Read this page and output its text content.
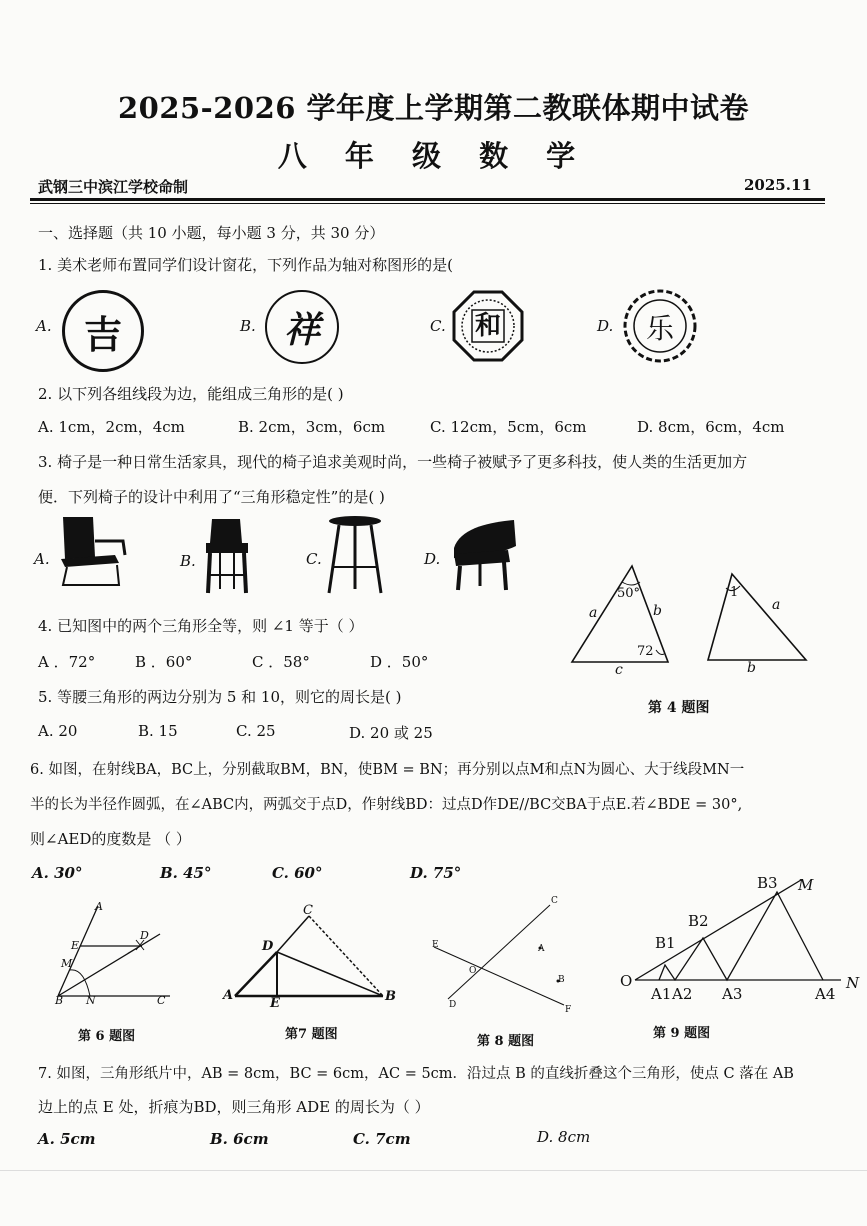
2025-2026 学年度上学期第二教联体期中试卷
八 年 级 数 学
武钢三中滨江学校命制	2025.11
一、选择题（共 10 小题，每小题 3 分，共 30 分）
1. 美术老师布置同学们设计窗花，下列作品为轴对称图形的是(
A. 吉	B. 祥	C.	和	D.	乐
2. 以下列各组线段为边，能组成三角形的是( )
A. 1cm，2cm，4cm	B. 2cm，3cm，6cm	C. 12cm，5cm，6cm	D. 8cm，6cm，4cm
3. 椅子是一种日常生活家具，现代的椅子追求美观时尚，一些椅子被赋予了更多科技，使人类的生活更加方
便．下列椅子的设计中利用了“三角形稳定性”的是( )
A.	B.	C.	D.
a	b
c
50°
72
1
a
b
第 4 题图
4. 已知图中的两个三角形全等，则 ∠1 等于（ ）
A ．72°	B ．60°	C ．58°	D ．50°
5. 等腰三角形的两边分别为 5 和 10，则它的周长是( )
A. 20	B. 15	C. 25	D. 20 或 25
6. 如图，在射线BA，BC上，分别截取BM，BN，使BM = BN；再分别以点M和点N为圆心、大于线段MN一
半的长为半径作圆弧，在∠ABC内，两弧交于点D，作射线BD：过点D作DE//BC交BA于点E.若∠BDE = 30°,
则∠AED的度数是 （ ）
A. 30°	B. 45°	C. 60°	D. 75°
A
E
D
M
B N	C
第 6 题图
C
D
A
E	B
第7 题图
C
E	A
O
B
D	F
第 8 题图
B3 M
B2
B1
O
A1 A2 A3	A4
N
第 9 题图
7. 如图，三角形纸片中，AB = 8cm，BC = 6cm，AC = 5cm．沿过点 B 的直线折叠这个三角形，使点 C 落在 AB
边上的点 E 处，折痕为BD，则三角形 ADE 的周长为（ ）
A. 5cm	B. 6cm	C. 7cm	D. 8cm
